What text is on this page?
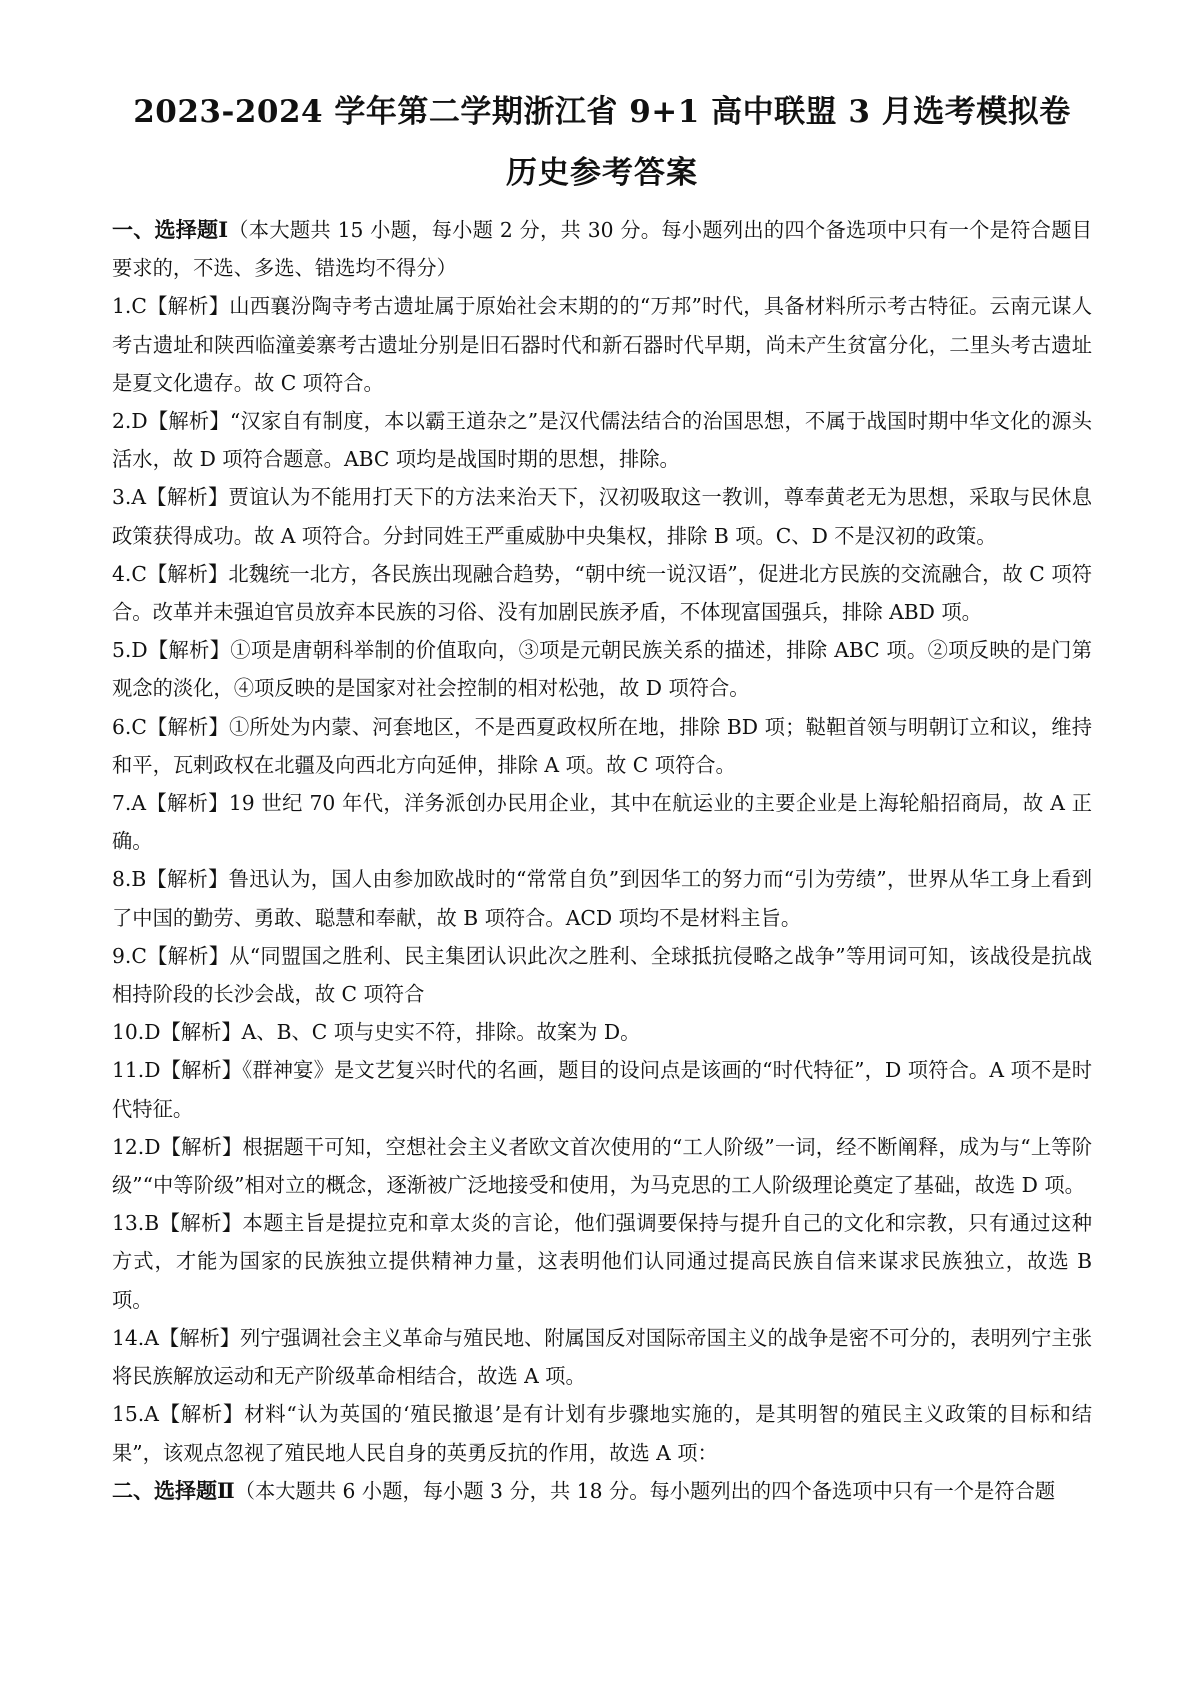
2023-2024 学年第二学期浙江省 9+1 高中联盟 3 月选考模拟卷
历史参考答案

一、选择题Ⅰ（本大题共 15 小题，每小题 2 分，共 30 分。每小题列出的四个备选项中只有一个是符合题目要求的，不选、多选、错选均不得分）

1.C【解析】山西襄汾陶寺考古遗址属于原始社会末期的的“万邦”时代，具备材料所示考古特征。云南元谋人考古遗址和陕西临潼姜寨考古遗址分别是旧石器时代和新石器时代早期，尚未产生贫富分化，二里头考古遗址是夏文化遗存。故 C 项符合。

2.D【解析】“汉家自有制度，本以霸王道杂之”是汉代儒法结合的治国思想，不属于战国时期中华文化的源头活水，故 D 项符合题意。ABC 项均是战国时期的思想，排除。

3.A【解析】贾谊认为不能用打天下的方法来治天下，汉初吸取这一教训，尊奉黄老无为思想，采取与民休息政策获得成功。故 A 项符合。分封同姓王严重威胁中央集权，排除 B 项。C、D 不是汉初的政策。

4.C【解析】北魏统一北方，各民族出现融合趋势，“朝中统一说汉语”，促进北方民族的交流融合，故 C 项符合。改革并未强迫官员放弃本民族的习俗、没有加剧民族矛盾，不体现富国强兵，排除 ABD 项。

5.D【解析】①项是唐朝科举制的价值取向，③项是元朝民族关系的描述，排除 ABC 项。②项反映的是门第观念的淡化，④项反映的是国家对社会控制的相对松弛，故 D 项符合。

6.C【解析】①所处为内蒙、河套地区，不是西夏政权所在地，排除 BD 项；鞑靼首领与明朝订立和议，维持和平，瓦剌政权在北疆及向西北方向延伸，排除 A 项。故 C 项符合。

7.A【解析】19 世纪 70 年代，洋务派创办民用企业，其中在航运业的主要企业是上海轮船招商局，故 A 正确。

8.B【解析】鲁迅认为，国人由参加欧战时的“常常自负”到因华工的努力而“引为劳绩”，世界从华工身上看到了中国的勤劳、勇敢、聪慧和奉献，故 B 项符合。ACD 项均不是材料主旨。

9.C【解析】从“同盟国之胜利、民主集团认识此次之胜利、全球抵抗侵略之战争”等用词可知，该战役是抗战相持阶段的长沙会战，故 C 项符合

10.D【解析】A、B、C 项与史实不符，排除。故案为 D。

11.D【解析】《群神宴》是文艺复兴时代的名画，题目的设问点是该画的“时代特征”，D 项符合。A 项不是时代特征。

12.D【解析】根据题干可知，空想社会主义者欧文首次使用的“工人阶级”一词，经不断阐释，成为与“上等阶级”“中等阶级”相对立的概念，逐渐被广泛地接受和使用，为马克思的工人阶级理论奠定了基础，故选 D 项。

13.B【解析】本题主旨是提拉克和章太炎的言论，他们强调要保持与提升自己的文化和宗教，只有通过这种方式，才能为国家的民族独立提供精神力量，这表明他们认同通过提高民族自信来谋求民族独立，故选 B 项。

14.A【解析】列宁强调社会主义革命与殖民地、附属国反对国际帝国主义的战争是密不可分的，表明列宁主张将民族解放运动和无产阶级革命相结合，故选 A 项。

15.A【解析】材料“认为英国的‘殖民撤退’是有计划有步骤地实施的，是其明智的殖民主义政策的目标和结果”，该观点忽视了殖民地人民自身的英勇反抗的作用，故选 A 项：

二、选择题Ⅱ（本大题共 6 小题，每小题 3 分，共 18 分。每小题列出的四个备选项中只有一个是符合题
